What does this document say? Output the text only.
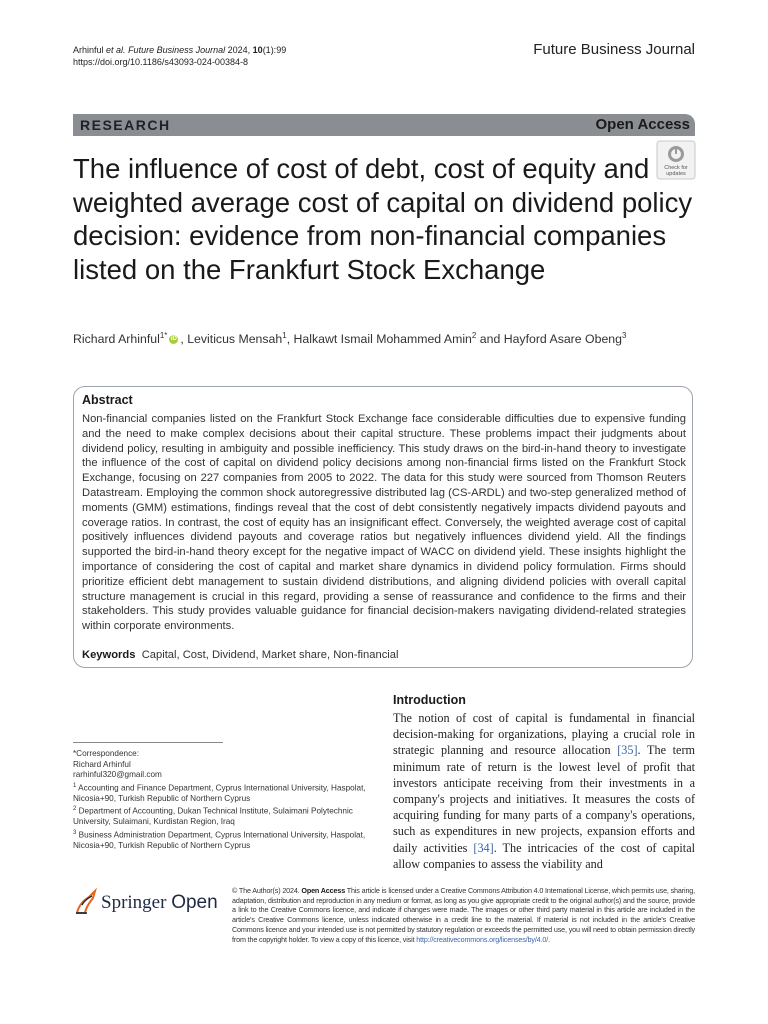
Arhinful et al. Future Business Journal 2024, 10(1):99
https://doi.org/10.1186/s43093-024-00384-8
Future Business Journal
RESEARCH	Open Access
The influence of cost of debt, cost of equity and weighted average cost of capital on dividend policy decision: evidence from non-financial companies listed on the Frankfurt Stock Exchange
Check for
updates
Richard Arhinful$^{1*}$ iD , Leviticus Mensah$^1$, Halkawt Ismail Mohammed Amin$^2$ and Hayford Asare Obeng$^3$
Abstract
Non-financial companies listed on the Frankfurt Stock Exchange face considerable difficulties due to expensive funding and the need to make complex decisions about their capital structure. These problems impact their judgments about dividend policy, resulting in ambiguity and possible inefficiency. This study draws on the bird-in-hand theory to investigate the influence of the cost of capital on dividend policy decisions among non-financial firms listed on the Frankfurt Stock Exchange, focusing on 227 companies from 2005 to 2022. The data for this study were sourced from Thomson Reuters Datastream. Employing the common shock autoregressive distributed lag (CS-ARDL) and two-step generalized method of moments (GMM) estimations, findings reveal that the cost of debt consistently negatively impacts dividend payouts and coverage ratios. In contrast, the cost of equity has an insignificant effect. Conversely, the weighted average cost of capital positively influences dividend payouts and coverage ratios but negatively influences dividend yield. All the findings supported the bird-in-hand theory except for the negative impact of WACC on dividend yield. These insights highlight the importance of considering the cost of capital and market share dynamics in dividend policy formulation. Firms should prioritize efficient debt management to sustain dividend distributions, and aligning dividend policies with overall capital structure management is crucial in this regard, providing a sense of reassurance and confidence to the firms and their stakeholders. This study provides valuable guidance for financial decision-makers navigating dividend-related strategies within corporate environments.
Keywords Capital, Cost, Dividend, Market share, Non-financial
*Correspondence:
Richard Arhinful
rarhinful320@gmail.com
$^1$ Accounting and Finance Department, Cyprus International University, Haspolat, Nicosia+90, Turkish Republic of Northern Cyprus
$^2$ Department of Accounting, Dukan Technical Institute, Sulaimani Polytechnic University, Sulaimani, Kurdistan Region, Iraq
$^3$ Business Administration Department, Cyprus International University, Haspolat, Nicosia+90, Turkish Republic of Northern Cyprus
Introduction
The notion of cost of capital is fundamental in financial decision-making for organizations, playing a crucial role in strategic planning and resource allocation [35]. The term minimum rate of return is the lowest level of profit that investors anticipate receiving from their investments in a company's projects and initiatives. It measures the costs of acquiring funding for many parts of a company's operations, such as expenditures in new projects, expansion efforts and daily activities [34]. The intricacies of the cost of capital allow companies to assess the viability and
Springer Open
© The Author(s) 2024. Open Access This article is licensed under a Creative Commons Attribution 4.0 International License, which permits use, sharing, adaptation, distribution and reproduction in any medium or format, as long as you give appropriate credit to the original author(s) and the source, provide a link to the Creative Commons licence, and indicate if changes were made. The images or other third party material in this article are included in the article's Creative Commons licence, unless indicated otherwise in a credit line to the material. If material is not included in the article's Creative Commons licence and your intended use is not permitted by statutory regulation or exceeds the permitted use, you will need to obtain permission directly from the copyright holder. To view a copy of this licence, visit http://creativecommons.org/licenses/by/4.0/.
